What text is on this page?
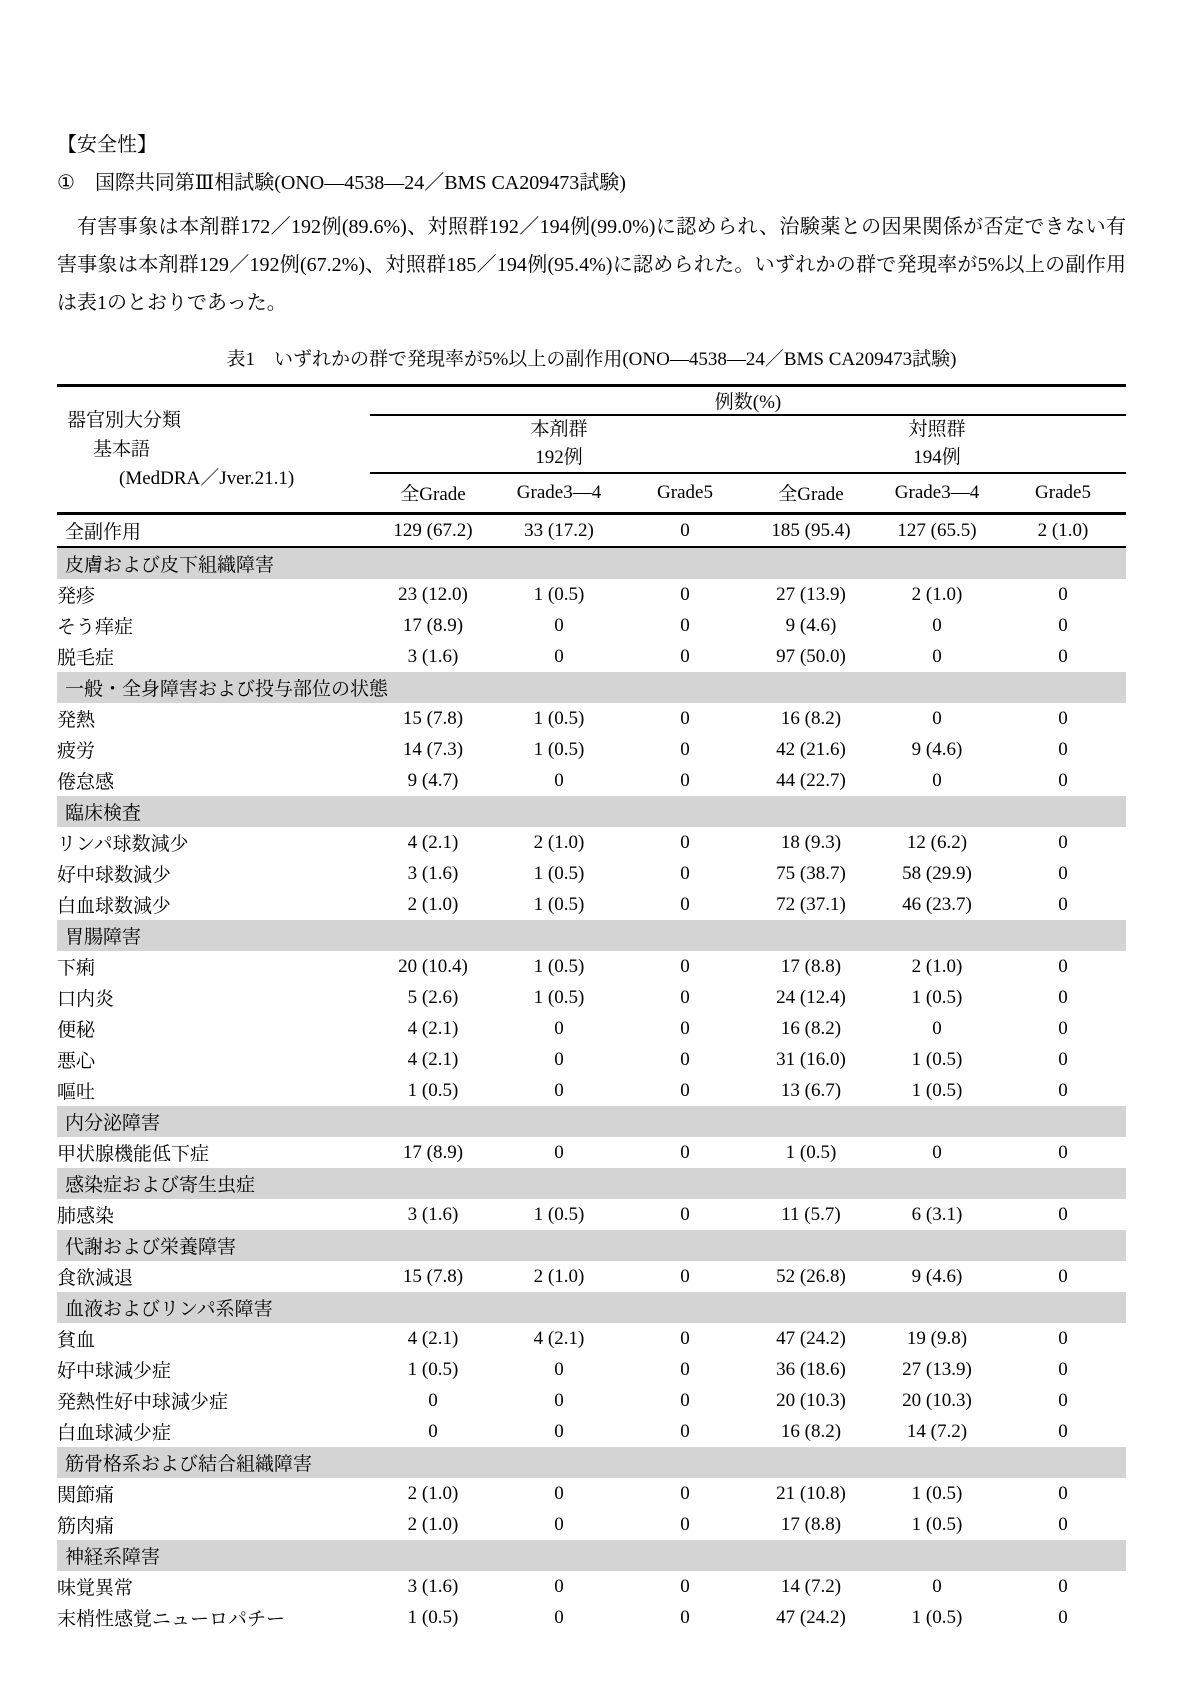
【安全性】
① 国際共同第Ⅲ相試験(ONO—4538—24／BMS CA209473試験)

有害事象は本剤群172／192例(89.6%)、対照群192／194例(99.0%)に認められ、治験薬との因果関係が否定できない有害事象は本剤群129／192例(67.2%)、対照群185／194例(95.4%)に認められた。いずれかの群で発現率が5%以上の副作用は表1のとおりであった。

表1　いずれかの群で発現率が5%以上の副作用(ONO—4538—24／BMS CA209473試験)
器官別大分類
基本語
(MedDRA／Jver.21.1)	例数(%)					

本剤群
192例

対照群
194例

	全Grade	Grade3—4	Grade5	全Grade	Grade3—4	Grade5
全副作用	129 (67.2)	33 (17.2)	0	185 (95.4)	127 (65.5)	2 (1.0)
皮膚および皮下組織障害						
発疹	23 (12.0)	1 (0.5)	0	27 (13.9)	2 (1.0)	0
そう痒症	17 (8.9)	0	0	9 (4.6)	0	0
脱毛症	3 (1.6)	0	0	97 (50.0)	0	0
一般・全身障害および投与部位の状態						
発熱	15 (7.8)	1 (0.5)	0	16 (8.2)	0	0
疲労	14 (7.3)	1 (0.5)	0	42 (21.6)	9 (4.6)	0
倦怠感	9 (4.7)	0	0	44 (22.7)	0	0
臨床検査						
リンパ球数減少	4 (2.1)	2 (1.0)	0	18 (9.3)	12 (6.2)	0
好中球数減少	3 (1.6)	1 (0.5)	0	75 (38.7)	58 (29.9)	0
白血球数減少	2 (1.0)	1 (0.5)	0	72 (37.1)	46 (23.7)	0
胃腸障害						
下痢	20 (10.4)	1 (0.5)	0	17 (8.8)	2 (1.0)	0
口内炎	5 (2.6)	1 (0.5)	0	24 (12.4)	1 (0.5)	0
便秘	4 (2.1)	0	0	16 (8.2)	0	0
悪心	4 (2.1)	0	0	31 (16.0)	1 (0.5)	0
嘔吐	1 (0.5)	0	0	13 (6.7)	1 (0.5)	0
内分泌障害						
甲状腺機能低下症	17 (8.9)	0	0	1 (0.5)	0	0
感染症および寄生虫症						
肺感染	3 (1.6)	1 (0.5)	0	11 (5.7)	6 (3.1)	0
代謝および栄養障害						
食欲減退	15 (7.8)	2 (1.0)	0	52 (26.8)	9 (4.6)	0
血液およびリンパ系障害						
貧血	4 (2.1)	4 (2.1)	0	47 (24.2)	19 (9.8)	0
好中球減少症	1 (0.5)	0	0	36 (18.6)	27 (13.9)	0
発熱性好中球減少症	0	0	0	20 (10.3)	20 (10.3)	0
白血球減少症	0	0	0	16 (8.2)	14 (7.2)	0
筋骨格系および結合組織障害						
関節痛	2 (1.0)	0	0	21 (10.8)	1 (0.5)	0
筋肉痛	2 (1.0)	0	0	17 (8.8)	1 (0.5)	0
神経系障害						
味覚異常	3 (1.6)	0	0	14 (7.2)	0	0
末梢性感覚ニューロパチー	1 (0.5)	0	0	47 (24.2)	1 (0.5)	0
